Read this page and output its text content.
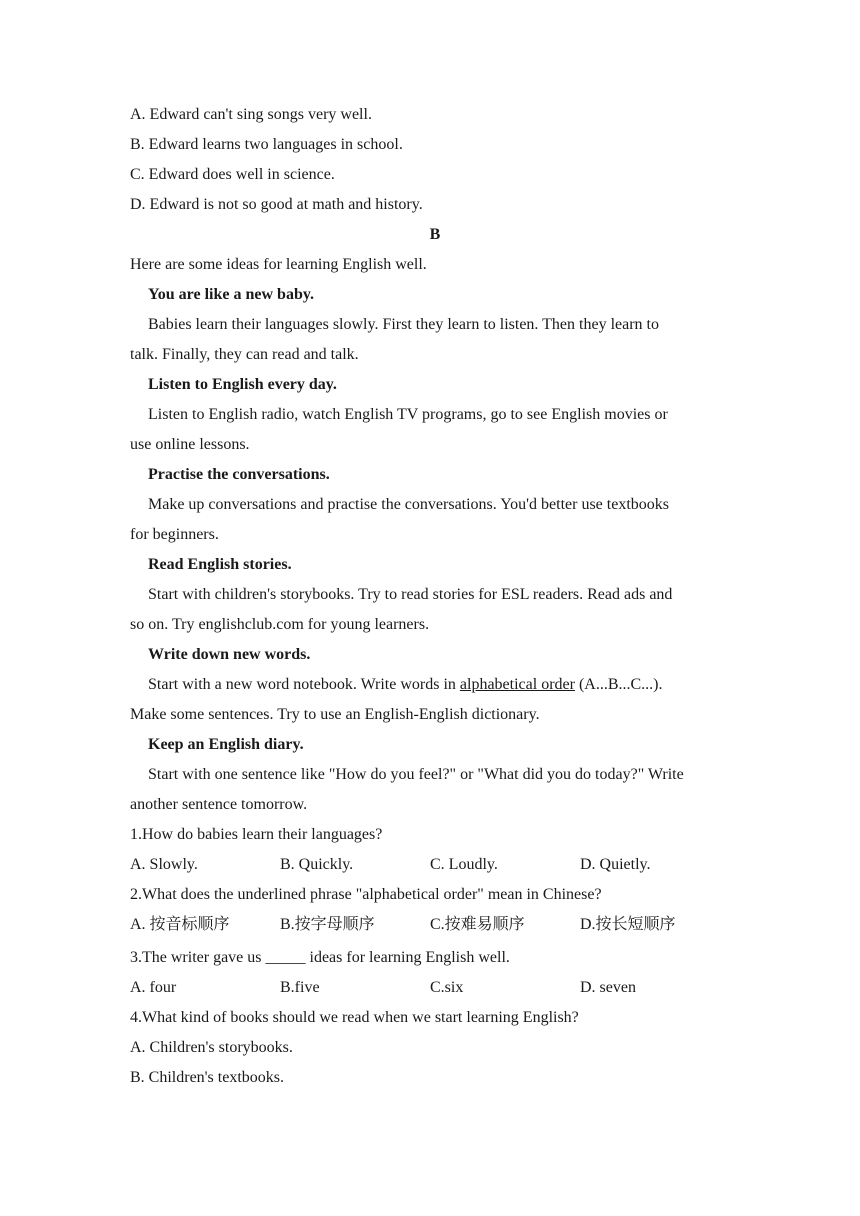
A. Edward can't sing songs very well.
B. Edward learns two languages in school.
C. Edward does well in science.
D. Edward is not so good at math and history.
B
Here are some ideas for learning English well.
You are like a new baby.
Babies learn their languages slowly. First they learn to listen. Then they learn to
talk. Finally, they can read and talk.
Listen to English every day.
Listen to English radio, watch English TV programs, go to see English movies or
use online lessons.
Practise the conversations.
Make up conversations and practise the conversations. You'd better use textbooks
for beginners.
Read English stories.
Start with children's storybooks. Try to read stories for ESL readers. Read ads and
so on. Try englishclub.com for young learners.
Write down new words.
Start with a new word notebook. Write words in alphabetical order (A...B...C...).
Make some sentences. Try to use an English-English dictionary.
Keep an English diary.
Start with one sentence like "How do you feel?" or "What did you do today?" Write
another sentence tomorrow.
1.How do babies learn their languages?
A. Slowly.	B. Quickly.	C. Loudly.	D. Quietly.
2.What does the underlined phrase "alphabetical order" mean in Chinese?
A. 按音标顺序	B.按字母顺序	C.按难易顺序	D.按长短顺序
3.The writer gave us _____ ideas for learning English well.
A. four	B.five	C.six	D. seven
4.What kind of books should we read when we start learning English?
A. Children's storybooks.
B. Children's textbooks.
